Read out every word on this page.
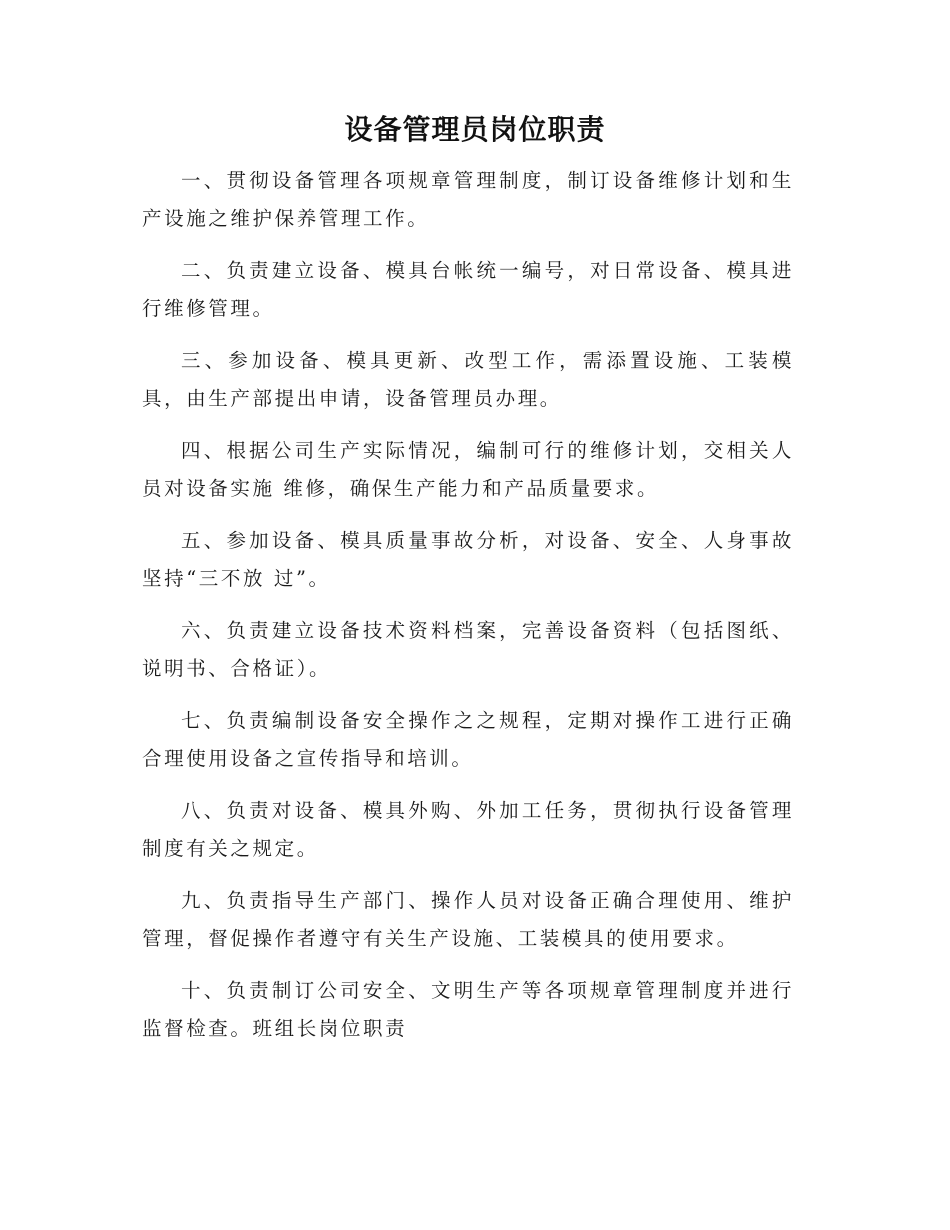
设备管理员岗位职责

一、贯彻设备管理各项规章管理制度，制订设备维修计划和生产设施之维护保养管理工作。

二、负责建立设备、模具台帐统一编号，对日常设备、模具进行维修管理。

三、参加设备、模具更新、改型工作，需添置设施、工装模具，由生产部提出申请，设备管理员办理。

四、根据公司生产实际情况，编制可行的维修计划，交相关人员对设备实施 维修，确保生产能力和产品质量要求。

五、参加设备、模具质量事故分析，对设备、安全、人身事故坚持“三不放 过”。

六、负责建立设备技术资料档案，完善设备资料（包括图纸、说明书、合格证）。

七、负责编制设备安全操作之之规程，定期对操作工进行正确合理使用设备之宣传指导和培训。

八、负责对设备、模具外购、外加工任务，贯彻执行设备管理制度有关之规定。

九、负责指导生产部门、操作人员对设备正确合理使用、维护管理，督促操作者遵守有关生产设施、工装模具的使用要求。

十、负责制订公司安全、文明生产等各项规章管理制度并进行监督检查。班组长岗位职责
